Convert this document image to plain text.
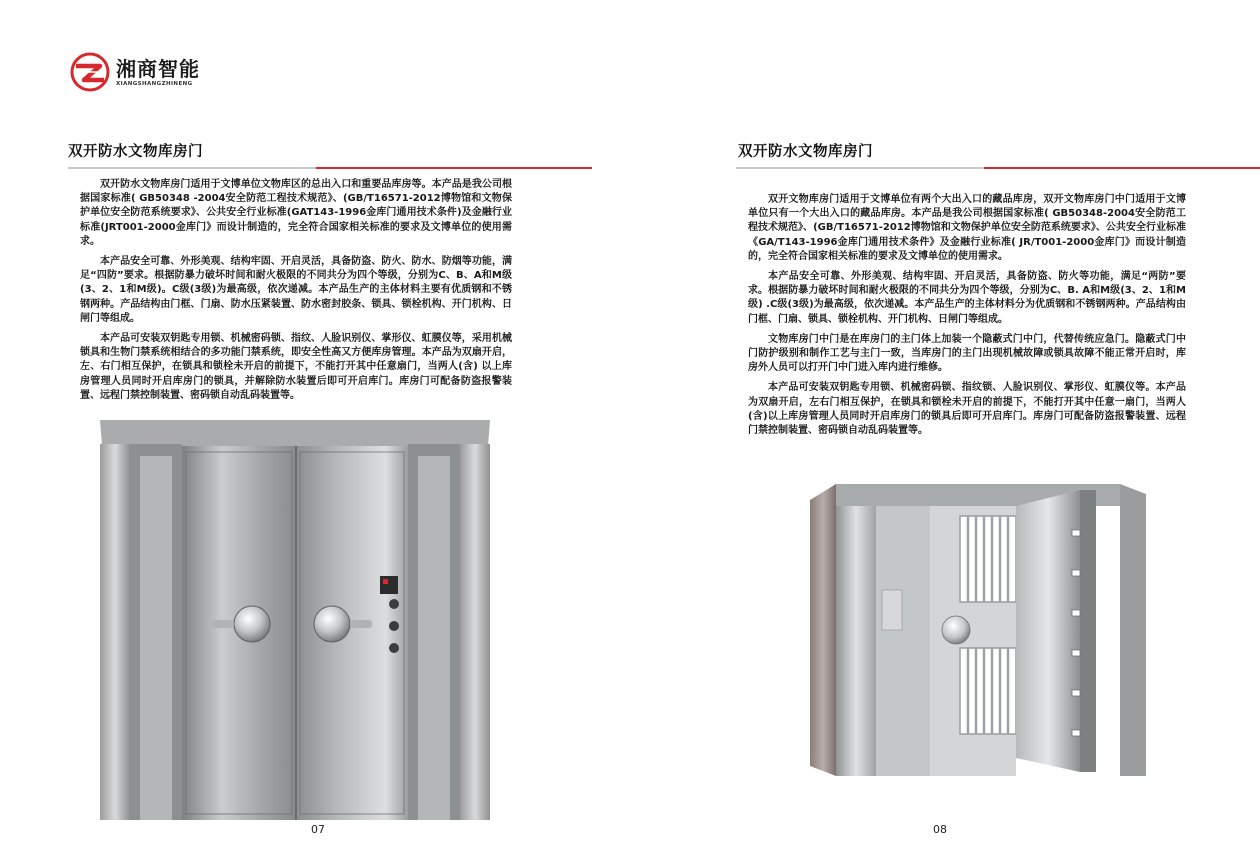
湘商智能
XIANGSHANGZHINENG
双开防水文物库房门

双开防水文物库房门适用于文博单位文物库区的总出入口和重要品库房等。本产品是我公司根据国家标准( GB50348 -2004安全防范工程技术规范》、(GB/T16571-2012博物馆和文物保护单位安全防范系统要求》、公共安全行业标准(GAT143-1996金库门通用技术条件)及金融行业标准(JRT001-2000金库门》而设计制造的，完全符合国家相关标准的要求及文博单位的使用需求。

本产品安全可靠、外形美观、结构牢固、开启灵活，具备防盗、防火、防水、防烟等功能，满足“四防”要求。根据防暴力破坏时间和耐火极限的不同共分为四个等级，分别为C、B、A和M级(3、2、1和M级)。C级(3级)为最高级，依次递减。本产品生产的主体材料主要有优质钢和不锈钢两种。产品结构由门框、门扇、防水压紧装置、防水密封胶条、锁具、锁栓机构、开门机构、日闸门等组成。

本产品可安装双钥匙专用锁、机械密码锁、指纹、人脸识别仪、掌形仪、虹膜仪等，采用机械锁具和生物门禁系统相结合的多功能门禁系统，即安全性高又方便库房管理。本产品为双扇开启，左、右门相互保护，在锁具和锁栓未开启的前提下，不能打开其中任意扇门，当两人(含) 以上库房管理人员同时开启库房门的锁具，并解除防水装置后即可开启库门。库房门可配备防盗报警装置、远程门禁控制装置、密码锁自动乱码装置等。

07
双开防水文物库房门

双开文物库房门适用于文博单位有两个大出入口的藏品库房，双开文物库房门中门适用于文博单位只有一个大出入口的藏品库房。本产品是我公司根据国家标准( GB50348-2004安全防范工程技术规范》、(GB/T16571-2012博物馆和文物保护单位安全防范系统要求》、公共安全行业标准《GA/T143-1996金库门通用技术条件》及金融行业标准( JR/T001-2000金库门》而设计制造的，完全符合国家相关标准的要求及文博单位的使用需求。

本产品安全可靠、外形美观、结构牢固、开启灵活，具备防盗、防火等功能，满足“两防”要求。根据防暴力破坏时间和耐火极限的不同共分为四个等级，分别为C、B. A和M级(3、2、1和M级) .C级(3级)为最高级，依次递减。本产品生产的主体材料分为优质钢和不锈钢两种。产品结构由门框、门扇、锁具、锁栓机构、开门机构、日闸门等组成。

文物库房门中门是在库房门的主门体上加装一个隐蔽式门中门，代替传统应急门。隐蔽式门中门防护级别和制作工艺与主门一致，当库房门的主门出现机械故障或锁具故障不能正常开启时，库房外人员可以打开门中门进入库内进行维修。

本产品可安装双钥匙专用锁、机械密码锁、指纹锁、人脸识别仪、掌形仪、虹膜仪等。本产品为双扇开启，左右门相互保护，在锁具和锁栓未开启的前提下，不能打开其中任意一扇门，当两人(含)以上库房管理人员同时开启库房门的锁具后即可开启库门。库房门可配备防盗报警装置、远程门禁控制装置、密码锁自动乱码装置等。

08
